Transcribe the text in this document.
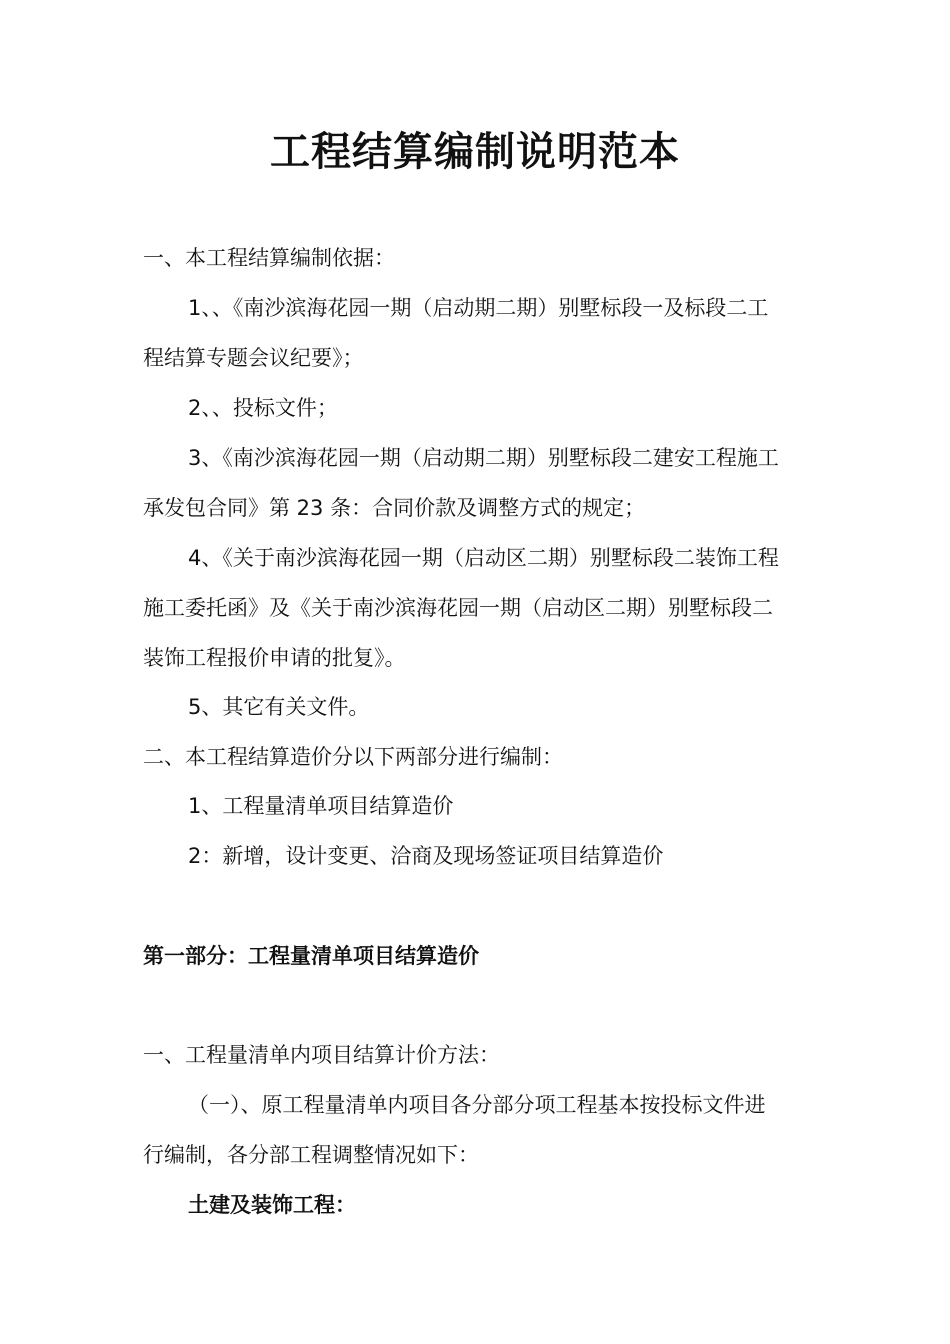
工程结算编制说明范本

一、本工程结算编制依据：

1、、《南沙滨海花园一期（启动期二期）别墅标段一及标段二工

程结算专题会议纪要》；

2、、投标文件；

3、《南沙滨海花园一期（启动期二期）别墅标段二建安工程施工

承发包合同》第 23 条：合同价款及调整方式的规定；

4、《关于南沙滨海花园一期（启动区二期）别墅标段二装饰工程

施工委托函》及《关于南沙滨海花园一期（启动区二期）别墅标段二

装饰工程报价申请的批复》。

5、其它有关文件。

二、本工程结算造价分以下两部分进行编制：

1、工程量清单项目结算造价

2：新增，设计变更、洽商及现场签证项目结算造价

第一部分：工程量清单项目结算造价

一、工程量清单内项目结算计价方法：

（一）、原工程量清单内项目各分部分项工程基本按投标文件进

行编制，各分部工程调整情况如下：

土建及装饰工程：
